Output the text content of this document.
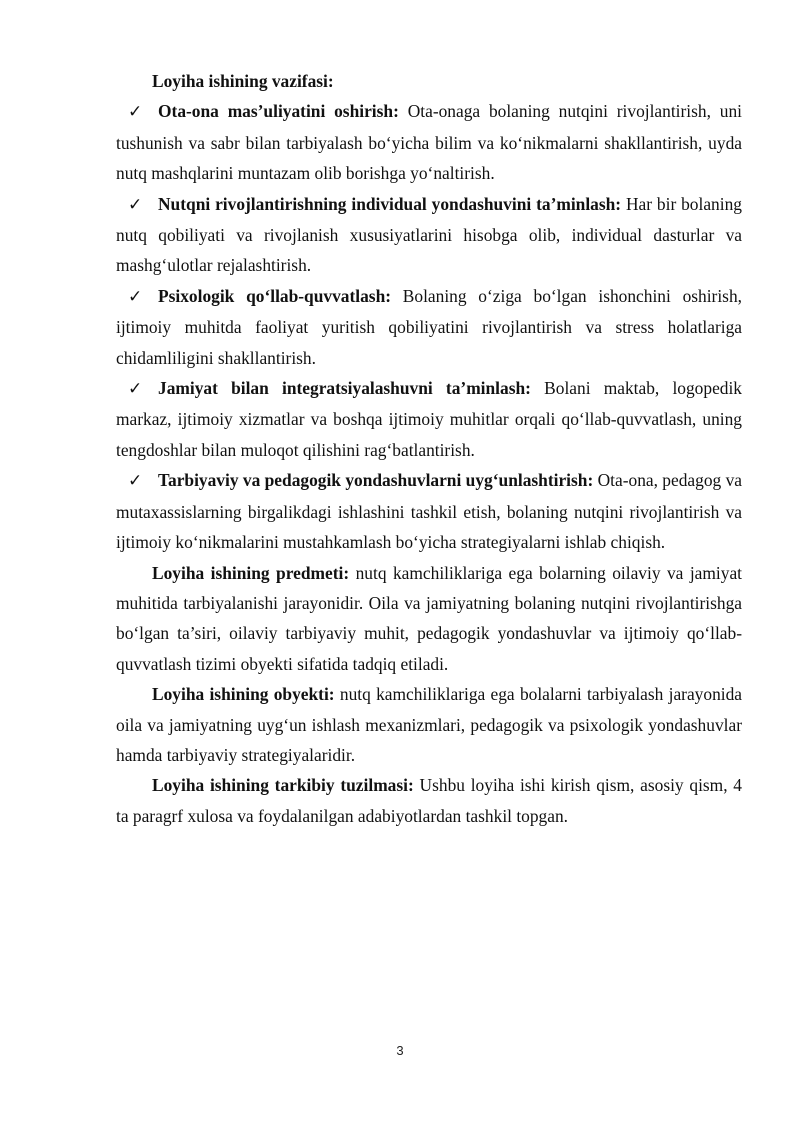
Loyiha ishining vazifasi:

✓ Ota-ona mas’uliyatini oshirish: Ota-onaga bolaning nutqini rivojlantirish, uni tushunish va sabr bilan tarbiyalash bo‘yicha bilim va ko‘nikmalarni shakllantirish, uyda nutq mashqlarini muntazam olib borishga yo‘naltirish.

✓ Nutqni rivojlantirishning individual yondashuvini ta’minlash: Har bir bolaning nutq qobiliyati va rivojlanish xususiyatlarini hisobga olib, individual dasturlar va mashg‘ulotlar rejalashtirish.

✓ Psixologik qo‘llab-quvvatlash: Bolaning o‘ziga bo‘lgan ishonchini oshirish, ijtimoiy muhitda faoliyat yuritish qobiliyatini rivojlantirish va stress holatlariga chidamliligini shakllantirish.

✓ Jamiyat bilan integratsiyalashuvni ta’minlash: Bolani maktab, logopedik markaz, ijtimoiy xizmatlar va boshqa ijtimoiy muhitlar orqali qo‘llab-quvvatlash, uning tengdoshlar bilan muloqot qilishini rag‘batlantirish.

✓ Tarbiyaviy va pedagogik yondashuvlarni uyg‘unlashtirish: Ota-ona, pedagog va mutaxassislarning birgalikdagi ishlashini tashkil etish, bolaning nutqini rivojlantirish va ijtimoiy ko‘nikmalarini mustahkamlash bo‘yicha strategiyalarni ishlab chiqish.

Loyiha ishining predmeti: nutq kamchiliklariga ega bolarning oilaviy va jamiyat muhitida tarbiyalanishi jarayonidir. Oila va jamiyatning bolaning nutqini rivojlantirishga bo‘lgan ta’siri, oilaviy tarbiyaviy muhit, pedagogik yondashuvlar va ijtimoiy qo‘llab-quvvatlash tizimi obyekti sifatida tadqiq etiladi.

Loyiha ishining obyekti: nutq kamchiliklariga ega bolalarni tarbiyalash jarayonida oila va jamiyatning uyg‘un ishlash mexanizmlari, pedagogik va psixologik yondashuvlar hamda tarbiyaviy strategiyalaridir.

Loyiha ishining tarkibiy tuzilmasi: Ushbu loyiha ishi kirish qism, asosiy qism, 4 ta paragrf xulosa va foydalanilgan adabiyotlardan tashkil topgan.

3
